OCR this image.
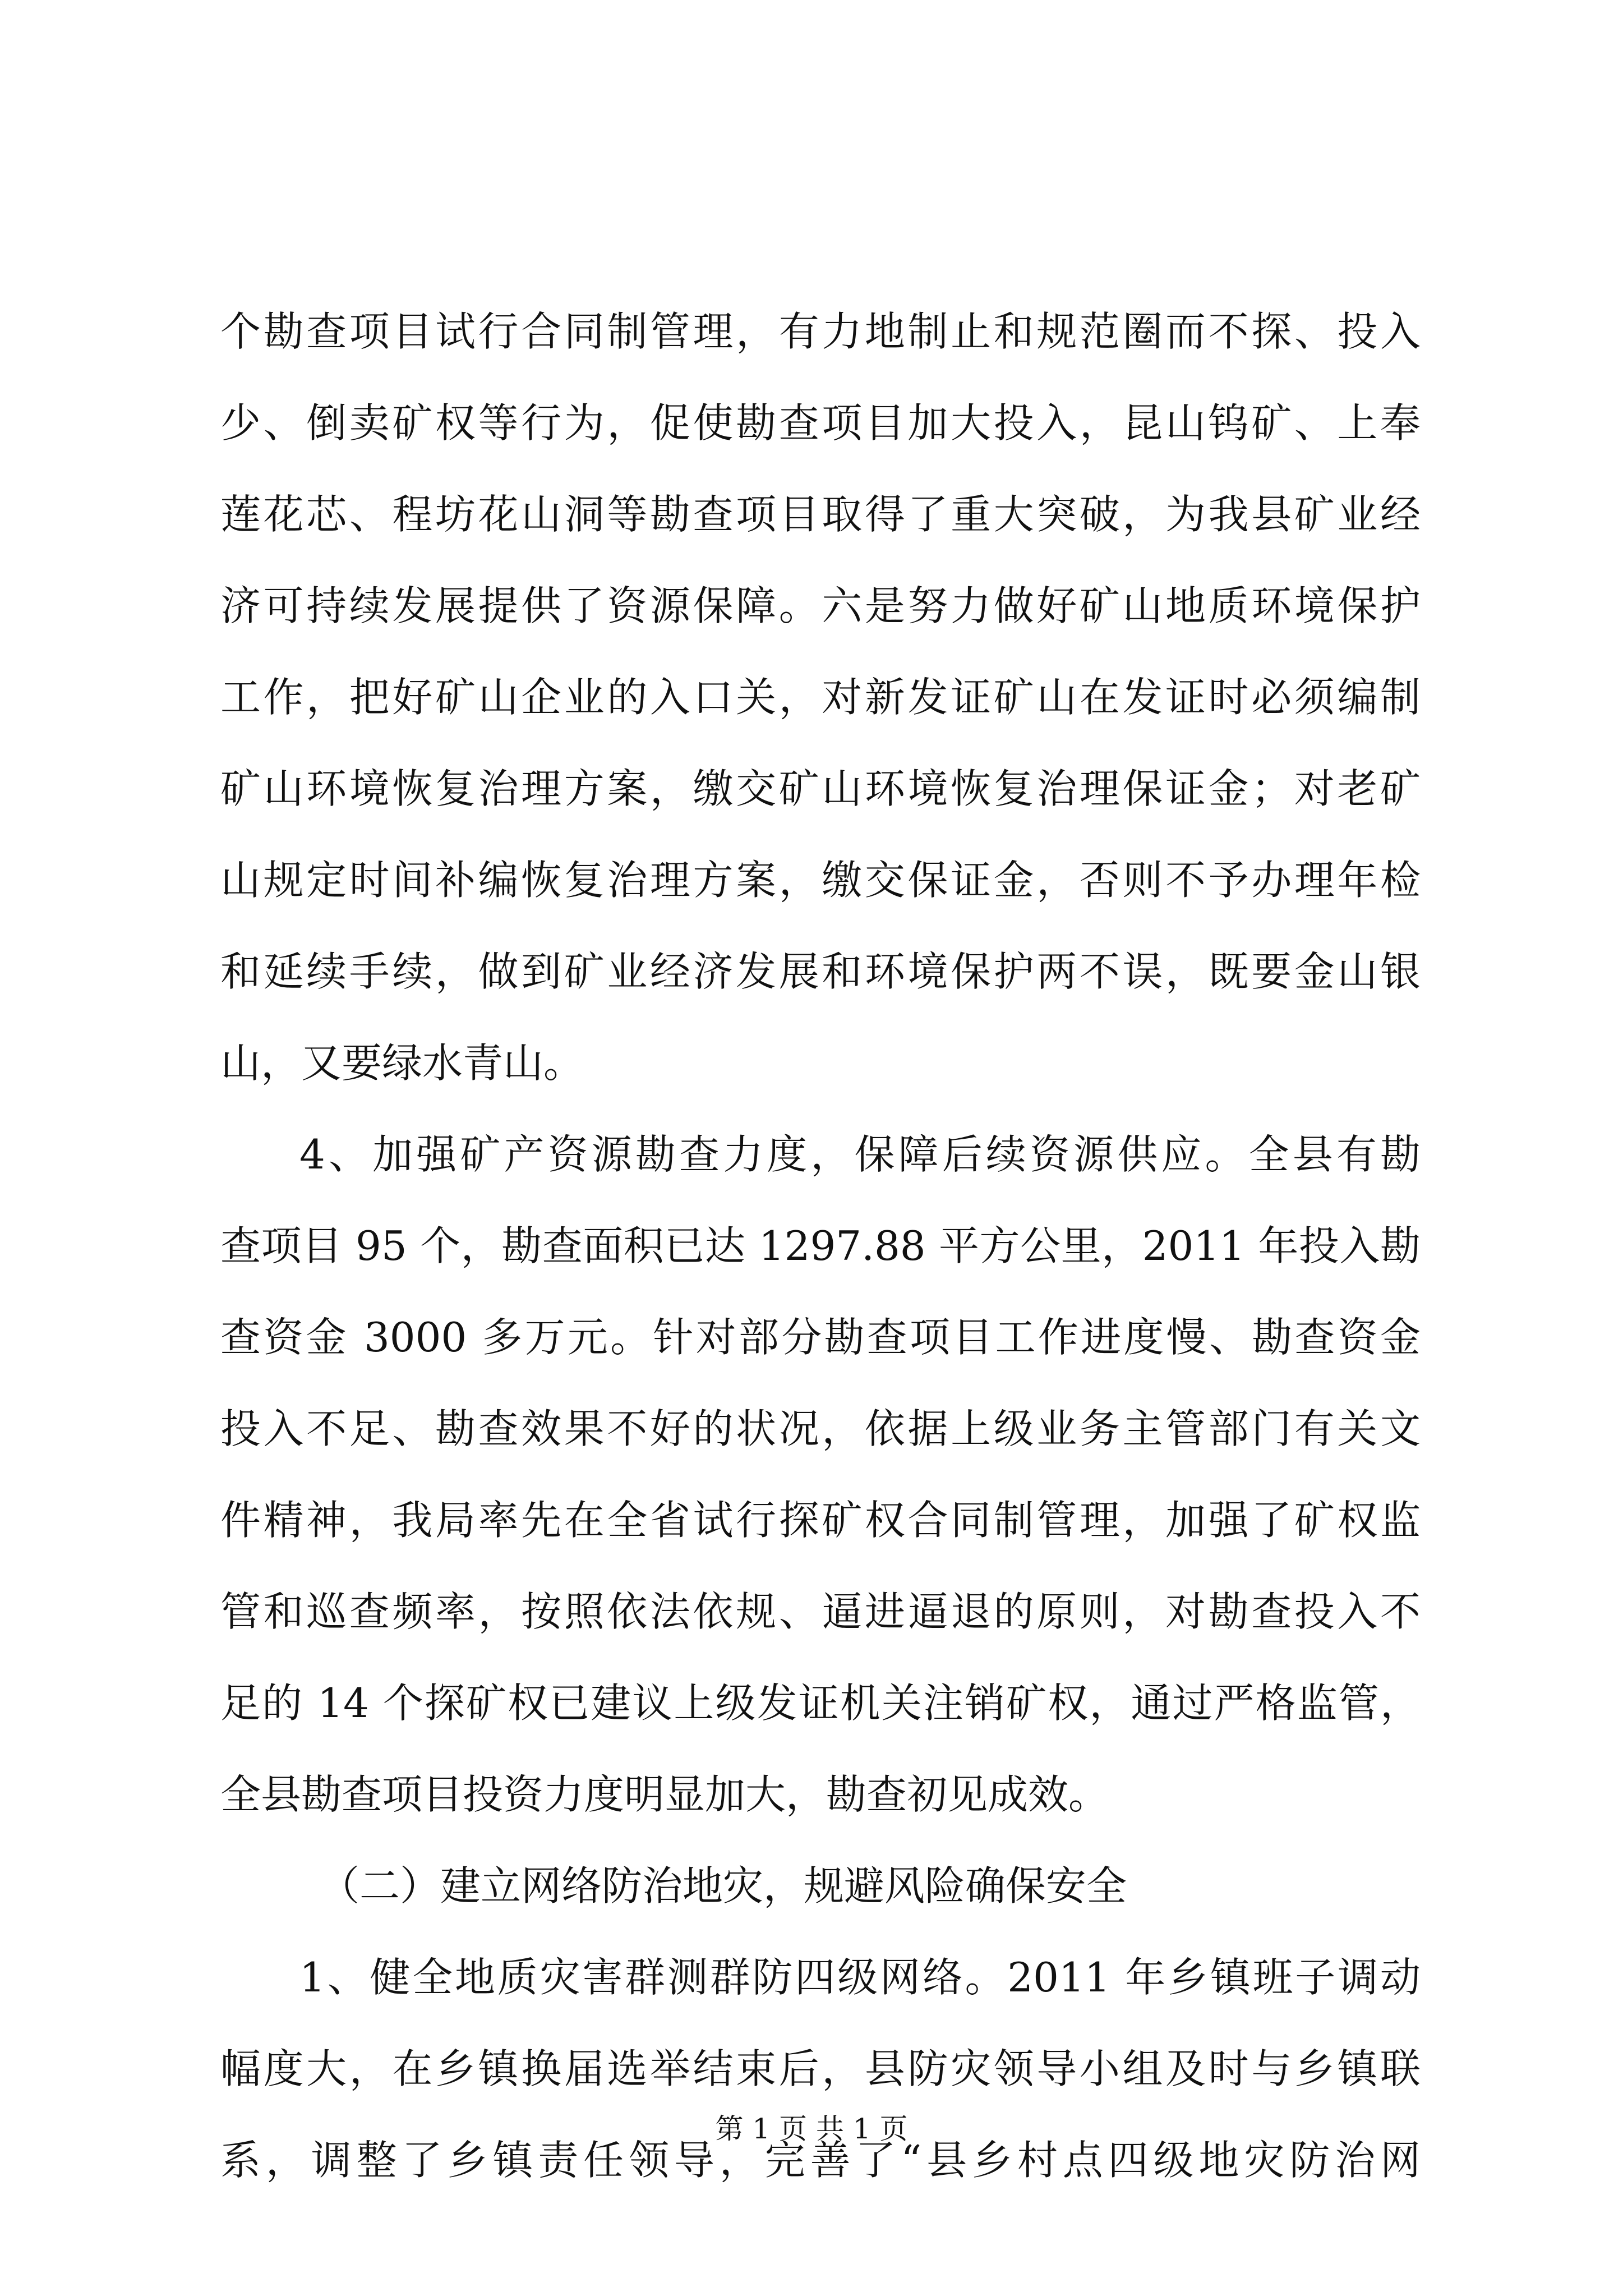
个勘查项目试行合同制管理，有力地制止和规范圈而不探、投入
少、倒卖矿权等行为，促使勘查项目加大投入，昆山钨矿、上奉
莲花芯、程坊花山洞等勘查项目取得了重大突破，为我县矿业经
济可持续发展提供了资源保障。六是努力做好矿山地质环境保护
工作，把好矿山企业的入口关，对新发证矿山在发证时必须编制
矿山环境恢复治理方案，缴交矿山环境恢复治理保证金；对老矿
山规定时间补编恢复治理方案，缴交保证金，否则不予办理年检
和延续手续，做到矿业经济发展和环境保护两不误，既要金山银
山，又要绿水青山。
4、加强矿产资源勘查力度，保障后续资源供应。全县有勘
查项目 95 个，勘查面积已达 1297.88 平方公里，2011 年投入勘
查资金 3000 多万元。针对部分勘查项目工作进度慢、勘查资金
投入不足、勘查效果不好的状况，依据上级业务主管部门有关文
件精神，我局率先在全省试行探矿权合同制管理，加强了矿权监
管和巡查频率，按照依法依规、逼进逼退的原则，对勘查投入不
足的 14 个探矿权已建议上级发证机关注销矿权，通过严格监管，
全县勘查项目投资力度明显加大，勘查初见成效。
（二）建立网络防治地灾，规避风险确保安全
1、健全地质灾害群测群防四级网络。2011 年乡镇班子调动
幅度大，在乡镇换届选举结束后，县防灾领导小组及时与乡镇联
系，调整了乡镇责任领导，完善了“县乡村点四级地灾防治网
第 1 页 共 1 页
